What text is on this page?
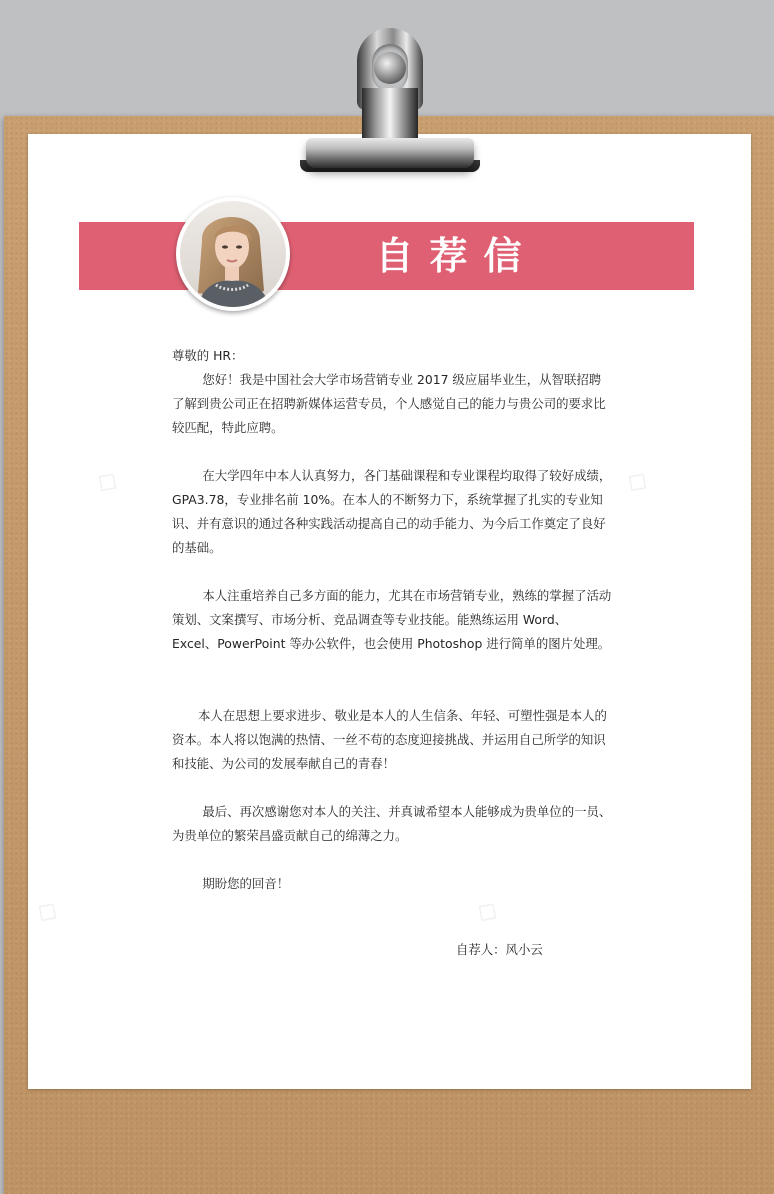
◇	◇
◇	◇
自荐信

尊敬的 HR：

您好！我是中国社会大学市场营销专业 2017 级应届毕业生，从智联招聘了解到贵公司正在招聘新媒体运营专员，个人感觉自己的能力与贵公司的要求比较匹配，特此应聘。

在大学四年中本人认真努力，各门基础课程和专业课程均取得了较好成绩，GPA3.78，专业排名前 10%。在本人的不断努力下，系统掌握了扎实的专业知识、并有意识的通过各种实践活动提高自己的动手能力、为今后工作奠定了良好的基础。

本人注重培养自己多方面的能力，尤其在市场营销专业，熟练的掌握了活动策划、文案撰写、市场分析、竞品调查等专业技能。能熟练运用 Word、Excel、PowerPoint 等办公软件，也会使用 Photoshop 进行简单的图片处理。

本人在思想上要求进步、敬业是本人的人生信条、年轻、可塑性强是本人的资本。本人将以饱满的热情、一丝不苟的态度迎接挑战、并运用自己所学的知识和技能、为公司的发展奉献自己的青春！

最后、再次感谢您对本人的关注、并真诚希望本人能够成为贵单位的一员、为贵单位的繁荣昌盛贡献自己的绵薄之力。

期盼您的回音！

自荐人：风小云
